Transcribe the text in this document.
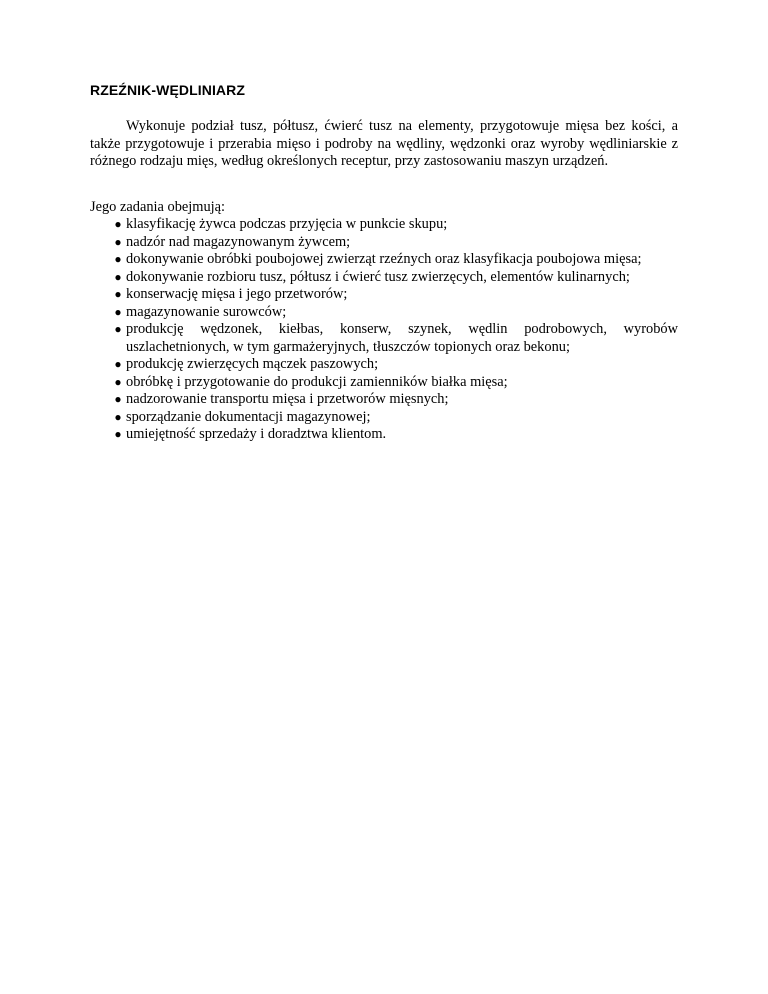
RZEŹNIK-WĘDLINIARZ

Wykonuje podział tusz, półtusz, ćwierć tusz na elementy, przygotowuje mięsa bez kości, a także przygotowuje i przerabia mięso i podroby na wędliny, wędzonki oraz wyroby wędliniarskie z różnego rodzaju mięs, według określonych receptur, przy zastosowaniu maszyn urządzeń.

Jego zadania obejmują:

● klasyfikację żywca podczas przyjęcia w punkcie skupu;
● nadzór nad magazynowanym żywcem;
● dokonywanie obróbki poubojowej zwierząt rzeźnych oraz klasyfikacja poubojowa mięsa;
● dokonywanie rozbioru tusz, półtusz i ćwierć tusz zwierzęcych, elementów kulinarnych;
● konserwację mięsa i jego przetworów;
● magazynowanie surowców;
● produkcję wędzonek, kiełbas, konserw, szynek, wędlin podrobowych, wyrobów uszlachetnionych, w tym garmażeryjnych, tłuszczów topionych oraz bekonu;
● produkcję zwierzęcych mączek paszowych;
● obróbkę i przygotowanie do produkcji zamienników białka mięsa;
● nadzorowanie transportu mięsa i przetworów mięsnych;
● sporządzanie dokumentacji magazynowej;
● umiejętność sprzedaży i doradztwa klientom.
